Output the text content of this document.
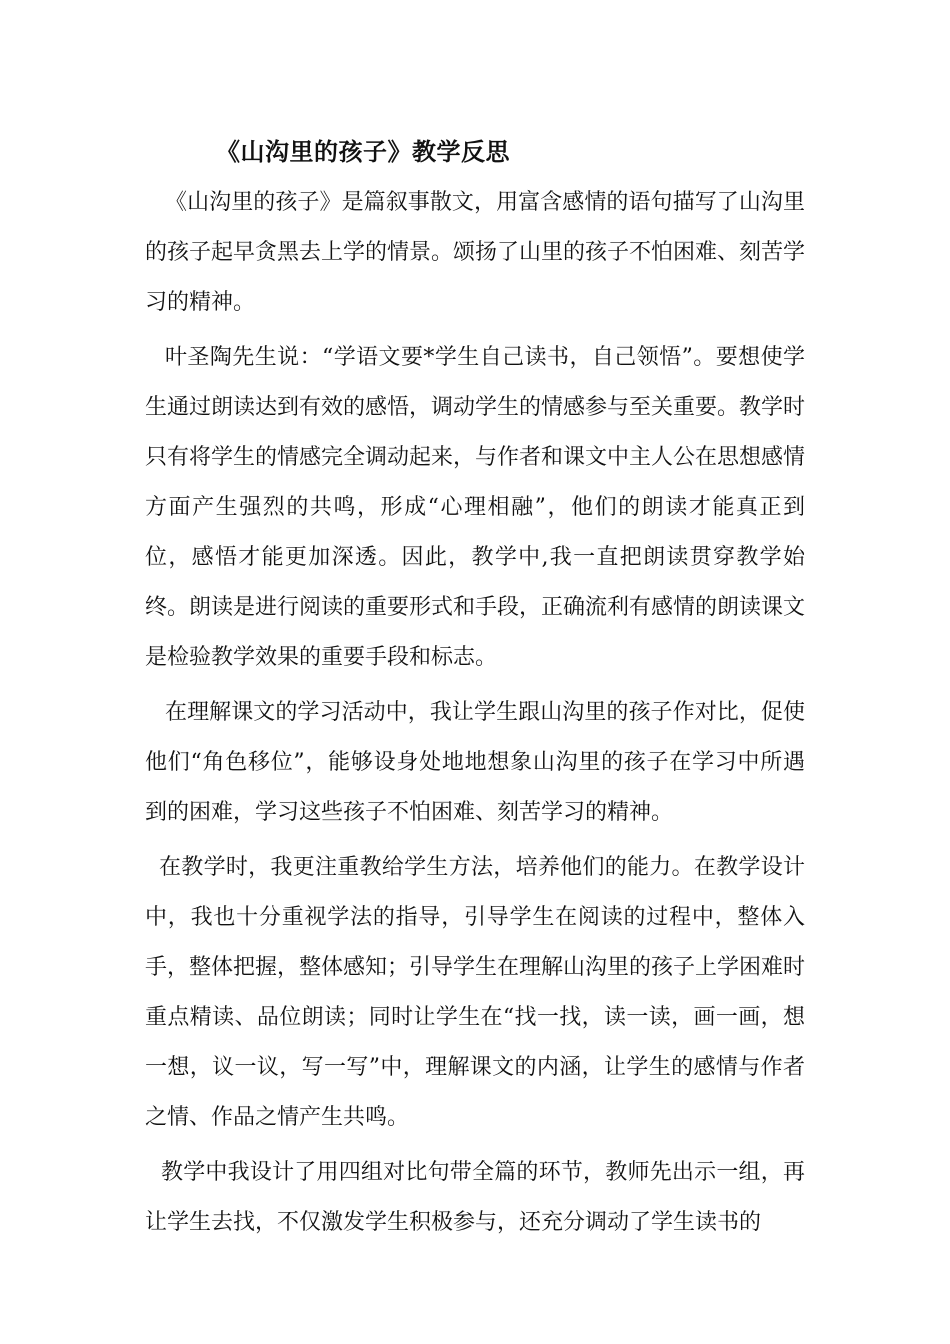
《山沟里的孩子》教学反思

《山沟里的孩子》是篇叙事散文，用富含感情的语句描写了山沟里的孩子起早贪黑去上学的情景。颂扬了山里的孩子不怕困难、刻苦学习的精神。

叶圣陶先生说：“学语文要*学生自己读书，自己领悟”。要想使学生通过朗读达到有效的感悟，调动学生的情感参与至关重要。教学时只有将学生的情感完全调动起来，与作者和课文中主人公在思想感情方面产生强烈的共鸣，形成“心理相融”，他们的朗读才能真正到位，感悟才能更加深透。因此，教学中,我一直把朗读贯穿教学始终。朗读是进行阅读的重要形式和手段，正确流利有感情的朗读课文是检验教学效果的重要手段和标志。

在理解课文的学习活动中，我让学生跟山沟里的孩子作对比，促使他们“角色移位”，能够设身处地地想象山沟里的孩子在学习中所遇到的困难，学习这些孩子不怕困难、刻苦学习的精神。

在教学时，我更注重教给学生方法，培养他们的能力。在教学设计中，我也十分重视学法的指导，引导学生在阅读的过程中，整体入手，整体把握，整体感知；引导学生在理解山沟里的孩子上学困难时重点精读、品位朗读；同时让学生在“找一找，读一读，画一画，想一想，议一议，写一写”中，理解课文的内涵，让学生的感情与作者之情、作品之情产生共鸣。

教学中我设计了用四组对比句带全篇的环节，教师先出示一组，再让学生去找，不仅激发学生积极参与，还充分调动了学生读书的
